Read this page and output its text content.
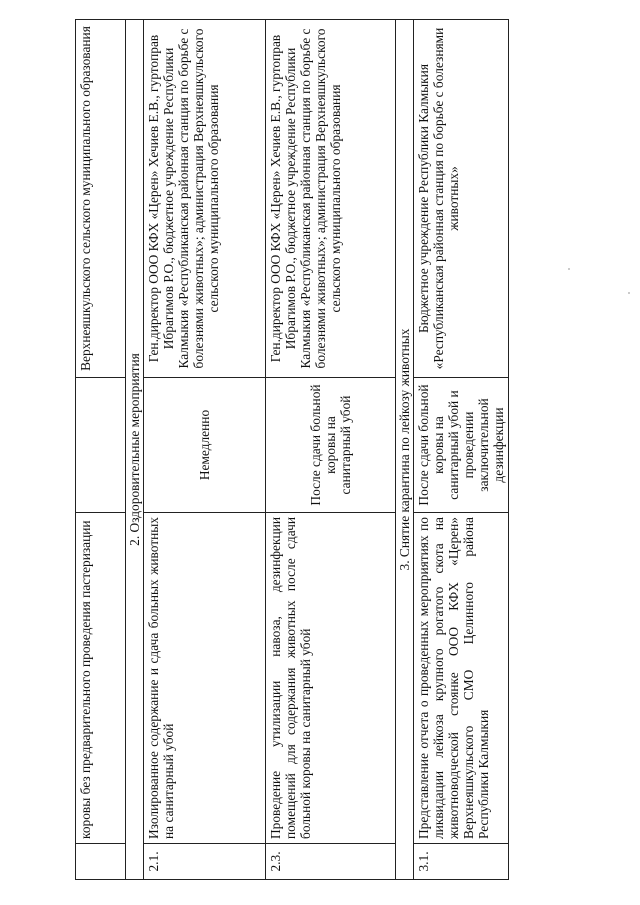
	коровы без предварительного проведения пастеризации		Верхнеяшкульского сельского муниципального образования
2. Оздоровительные мероприятия			
2.1.	Изолированное содержание и сдача больных животных на санитарный убой	Немедленно	Ген.директор ООО КФХ «Церен» Хечиев Е.В., гуртоправ Ибрагимов Р.О., бюджетное учреждение Республики Калмыкия «Республиканская районная станция по борьбе с болезнями животных»; администрация Верхнеяшкульского сельского муниципального образования
2.3.	Проведение утилизации навоза, дезинфекции помещений для содержания животных после сдачи больной коровы на санитарный убой	После сдачи больной коровы на санитарный убой	Ген.директор ООО КФХ «Церен» Хечиев Е.В., гуртоправ Ибрагимов Р.О., бюджетное учреждение Республики Калмыкия «Республиканская районная станция по борьбе с болезнями животных»; администрация Верхнеяшкульского сельского муниципального образования
3. Снятие карантина по лейкозу животных			
3.1.	Представление отчета о проведенных мероприятиях по ликвидации лейкоза крупного рогатого скота на животноводческой стоянке ООО КФХ «Церен» Верхнеяшкульского СМО Целинного района Республики Калмыкия	После сдачи больной коровы на санитарный убой и проведении заключительной дезинфекции	Бюджетное учреждение Республики Калмыкия «Республиканская районная станция по борьбе с болезнями животных»
